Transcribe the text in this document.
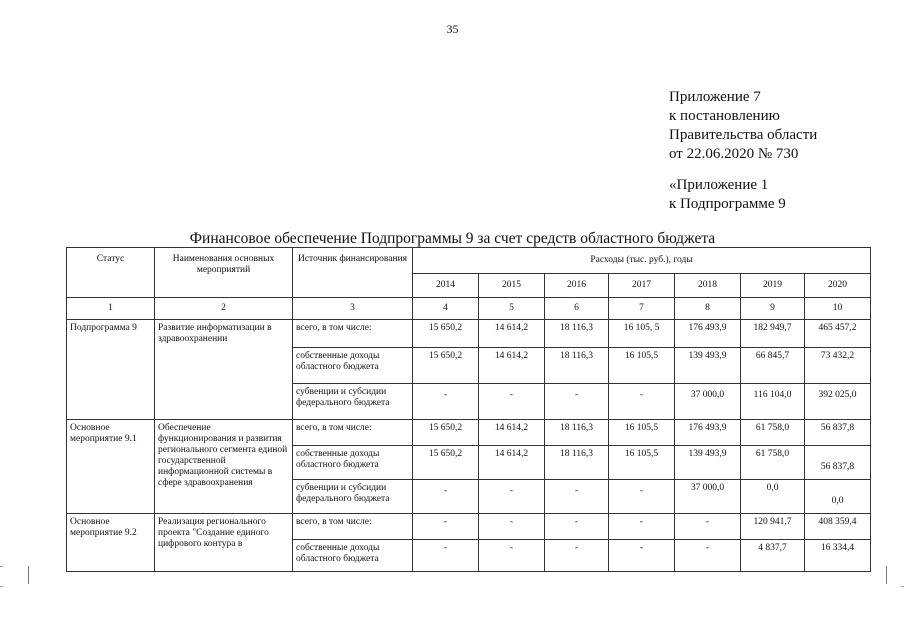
35
Приложение 7
к постановлению
Правительства области
от 22.06.2020 № 730
«Приложение 1
к Подпрограмме 9
Финансовое обеспечение Подпрограммы 9 за счет средств областного бюджета
Статус	Наименования основных мероприятий	Источник финансирования	Расходы (тыс. руб.), годы						
			2014	2015	2016	2017	2018	2019	2020
1	2	3	4	5	6	7	8	9	10
Подпрограмма 9	Развитие информатизации в здравоохранении	всего, в том числе:	15 650,2	14 614,2	18 116,3	16 105, 5	176 493,9	182 949,7	465 457,2
		собственные доходы областного бюджета	15 650,2	14 614,2	18 116,3	16 105,5	139 493,9	66 845,7	73 432,2
		субвенции и субсидии федерального бюджета	-	-	-	-	37 000,0	116 104,0	392 025,0
Основное мероприятие 9.1	Обеспечение функционирования и развития регионального сегмента единой государственной информационной системы в сфере здравоохранения	всего, в том числе:	15 650,2	14 614,2	18 116,3	16 105,5	176 493,9	61 758,0	56 837,8
		собственные доходы областного бюджета	15 650,2	14 614,2	18 116,3	16 105,5	139 493,9	61 758,0	56 837,8
		субвенции и субсидии федерального бюджета	-	-	-	-	37 000,0	0,0	0,0
Основное мероприятие 9.2	Реализация регионального проекта "Создание единого цифрового контура в	всего, в том числе:	-	-	-	-	-	120 941,7	408 359,4
		собственные доходы областного бюджета	-	-	-	-	-	4 837,7	16 334,4
